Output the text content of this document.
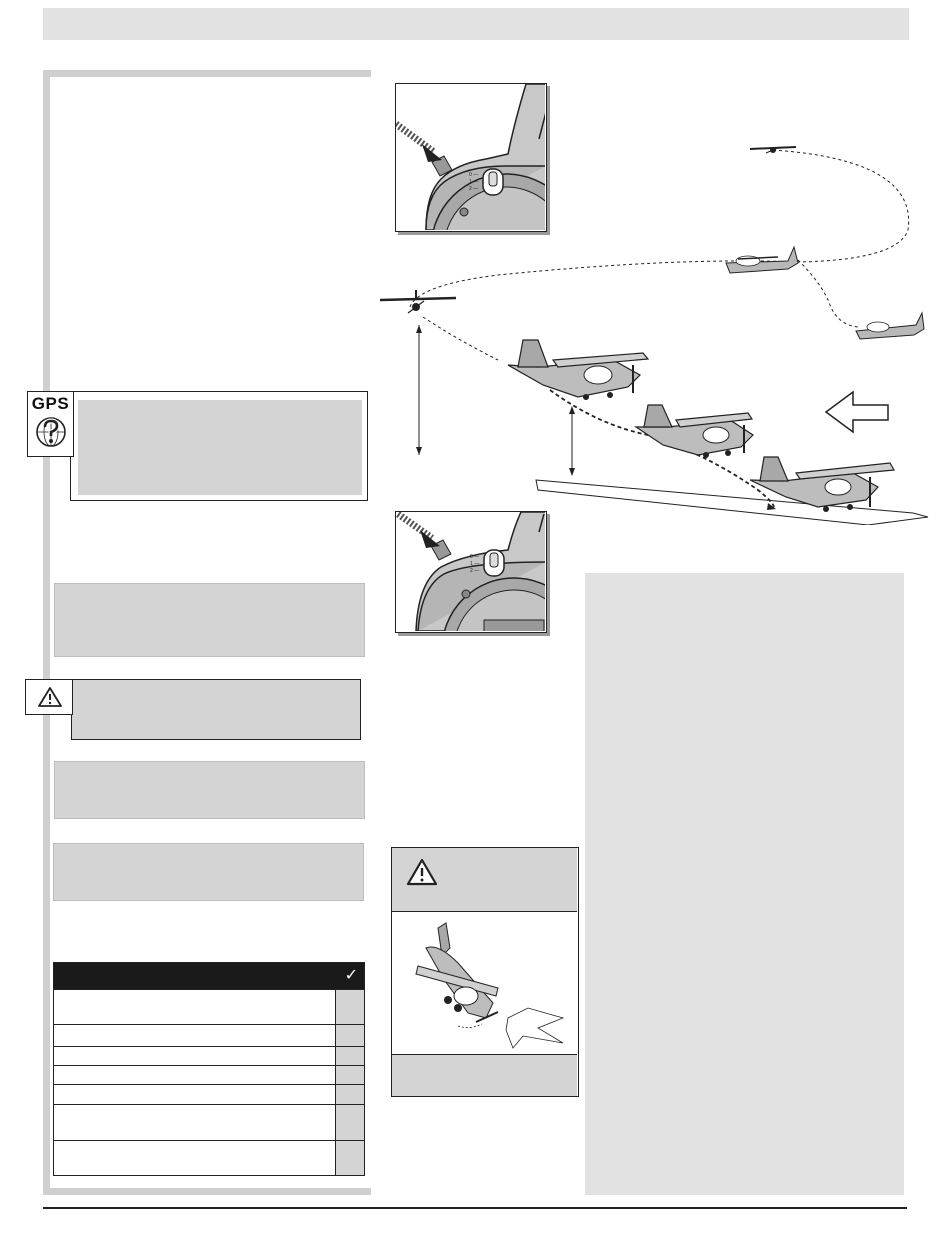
GPS
✓
0 —
1 —
2 —
0 —
1 —
2 —
